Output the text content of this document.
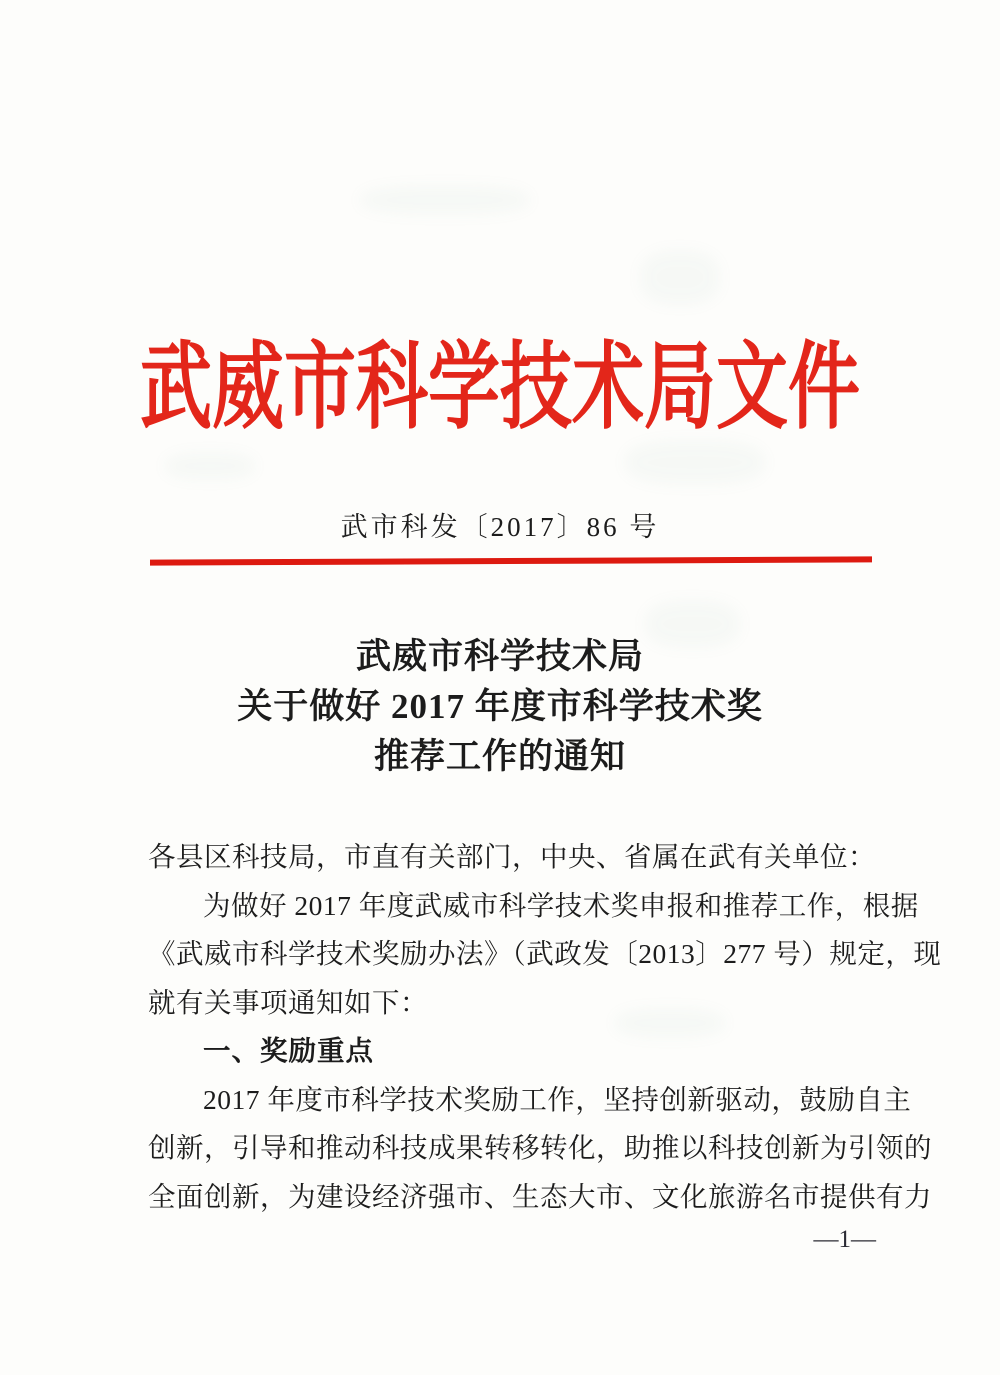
武威市科学技术局文件
武市科发〔2017〕86 号
武威市科学技术局
关于做好 2017 年度市科学技术奖
推荐工作的通知

各县区科技局，市直有关部门，中央、省属在武有关单位：

为做好 2017 年度武威市科学技术奖申报和推荐工作，根据

《武威市科学技术奖励办法》（武政发〔2013〕277 号）规定，现

就有关事项通知如下：

一、奖励重点

2017 年度市科学技术奖励工作，坚持创新驱动，鼓励自主

创新，引导和推动科技成果转移转化，助推以科技创新为引领的

全面创新，为建设经济强市、生态大市、文化旅游名市提供有力

—1—
